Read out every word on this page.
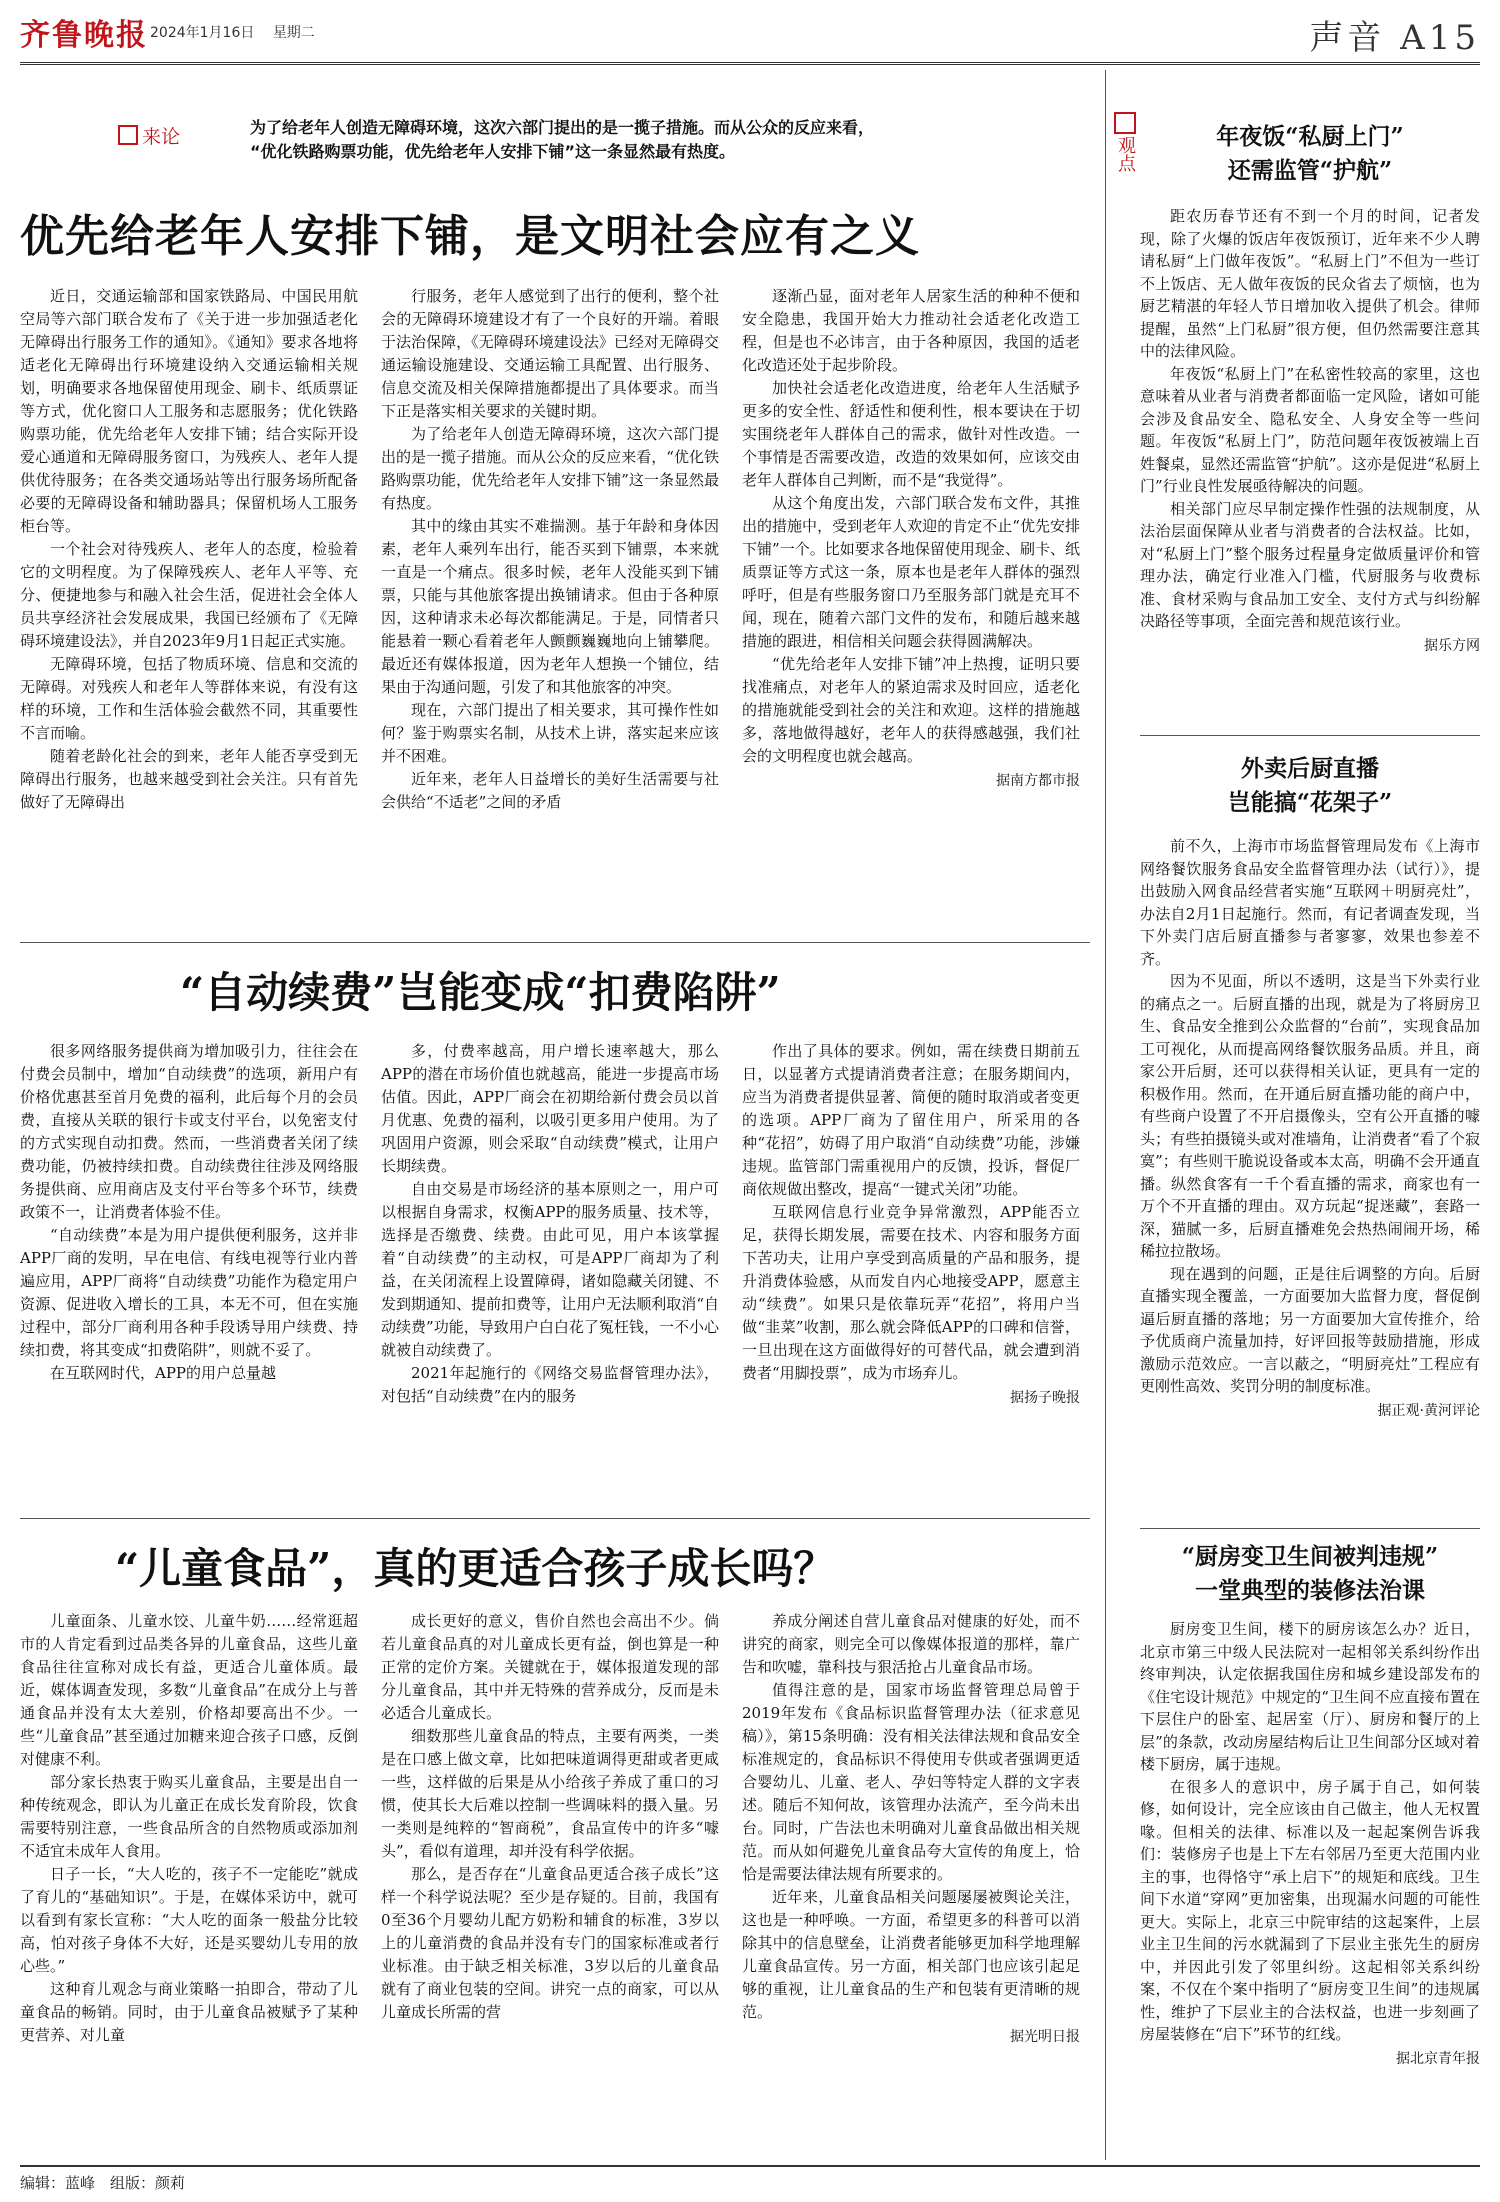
齐鲁晚报 2024年1月16日 星期二	声音 A15
来论	为了给老年人创造无障碍环境，这次六部门提出的是一揽子措施。而从公众的反应来看，
“优化铁路购票功能，优先给老年人安排下铺”这一条显然最有热度。
优先给老年人安排下铺，是文明社会应有之义

近日，交通运输部和国家铁路局、中国民用航空局等六部门联合发布了《关于进一步加强适老化无障碍出行服务工作的通知》。《通知》要求各地将适老化无障碍出行环境建设纳入交通运输相关规划，明确要求各地保留使用现金、刷卡、纸质票证等方式，优化窗口人工服务和志愿服务；优化铁路购票功能，优先给老年人安排下铺；结合实际开设爱心通道和无障碍服务窗口，为残疾人、老年人提供优待服务；在各类交通场站等出行服务场所配备必要的无障碍设备和辅助器具；保留机场人工服务柜台等。

一个社会对待残疾人、老年人的态度，检验着它的文明程度。为了保障残疾人、老年人平等、充分、便捷地参与和融入社会生活，促进社会全体人员共享经济社会发展成果，我国已经颁布了《无障碍环境建设法》，并自2023年9月1日起正式实施。

无障碍环境，包括了物质环境、信息和交流的无障碍。对残疾人和老年人等群体来说，有没有这样的环境，工作和生活体验会截然不同，其重要性不言而喻。

随着老龄化社会的到来，老年人能否享受到无障碍出行服务，也越来越受到社会关注。只有首先做好了无障碍出

行服务，老年人感觉到了出行的便利，整个社会的无障碍环境建设才有了一个良好的开端。着眼于法治保障，《无障碍环境建设法》已经对无障碍交通运输设施建设、交通运输工具配置、出行服务、信息交流及相关保障措施都提出了具体要求。而当下正是落实相关要求的关键时期。

为了给老年人创造无障碍环境，这次六部门提出的是一揽子措施。而从公众的反应来看，“优化铁路购票功能，优先给老年人安排下铺”这一条显然最有热度。

其中的缘由其实不难揣测。基于年龄和身体因素，老年人乘列车出行，能否买到下铺票，本来就一直是一个痛点。很多时候，老年人没能买到下铺票，只能与其他旅客提出换铺请求。但由于各种原因，这种请求未必每次都能满足。于是，同情者只能悬着一颗心看着老年人颤颤巍巍地向上铺攀爬。最近还有媒体报道，因为老年人想换一个铺位，结果由于沟通问题，引发了和其他旅客的冲突。

现在，六部门提出了相关要求，其可操作性如何？鉴于购票实名制，从技术上讲，落实起来应该并不困难。

近年来，老年人日益增长的美好生活需要与社会供给“不适老”之间的矛盾

逐渐凸显，面对老年人居家生活的种种不便和安全隐患，我国开始大力推动社会适老化改造工程，但是也不必讳言，由于各种原因，我国的适老化改造还处于起步阶段。

加快社会适老化改造进度，给老年人生活赋予更多的安全性、舒适性和便利性，根本要诀在于切实围绕老年人群体自己的需求，做针对性改造。一个事情是否需要改造，改造的效果如何，应该交由老年人群体自己判断，而不是“我觉得”。

从这个角度出发，六部门联合发布文件，其推出的措施中，受到老年人欢迎的肯定不止“优先安排下铺”一个。比如要求各地保留使用现金、刷卡、纸质票证等方式这一条，原本也是老年人群体的强烈呼吁，但是有些服务窗口乃至服务部门就是充耳不闻，现在，随着六部门文件的发布，和随后越来越措施的跟进，相信相关问题会获得圆满解决。

“优先给老年人安排下铺”冲上热搜，证明只要找准痛点，对老年人的紧迫需求及时回应，适老化的措施就能受到社会的关注和欢迎。这样的措施越多，落地做得越好，老年人的获得感越强，我们社会的文明程度也就会越高。

据南方都市报
“自动续费”岂能变成“扣费陷阱”

很多网络服务提供商为增加吸引力，往往会在付费会员制中，增加“自动续费”的选项，新用户有价格优惠甚至首月免费的福利，此后每个月的会员费，直接从关联的银行卡或支付平台，以免密支付的方式实现自动扣费。然而，一些消费者关闭了续费功能，仍被持续扣费。自动续费往往涉及网络服务提供商、应用商店及支付平台等多个环节，续费政策不一，让消费者体验不佳。

“自动续费”本是为用户提供便利服务，这并非APP厂商的发明，早在电信、有线电视等行业内普遍应用，APP厂商将“自动续费”功能作为稳定用户资源、促进收入增长的工具，本无不可，但在实施过程中，部分厂商利用各种手段诱导用户续费、持续扣费，将其变成“扣费陷阱”，则就不妥了。

在互联网时代，APP的用户总量越

多，付费率越高，用户增长速率越大，那么APP的潜在市场价值也就越高，能进一步提高市场估值。因此，APP厂商会在初期给新付费会员以首月优惠、免费的福利，以吸引更多用户使用。为了巩固用户资源，则会采取“自动续费”模式，让用户长期续费。

自由交易是市场经济的基本原则之一，用户可以根据自身需求，权衡APP的服务质量、技术等，选择是否缴费、续费。由此可见，用户本该掌握着“自动续费”的主动权，可是APP厂商却为了利益，在关闭流程上设置障碍，诸如隐藏关闭键、不发到期通知、提前扣费等，让用户无法顺利取消“自动续费”功能，导致用户白白花了冤枉钱，一不小心就被自动续费了。

2021年起施行的《网络交易监督管理办法》，对包括“自动续费”在内的服务

作出了具体的要求。例如，需在续费日期前五日，以显著方式提请消费者注意；在服务期间内，应当为消费者提供显著、简便的随时取消或者变更的选项。APP厂商为了留住用户，所采用的各种“花招”，妨碍了用户取消“自动续费”功能，涉嫌违规。监管部门需重视用户的反馈，投诉，督促厂商依规做出整改，提高“一键式关闭”功能。

互联网信息行业竞争异常激烈，APP能否立足，获得长期发展，需要在技术、内容和服务方面下苦功夫，让用户享受到高质量的产品和服务，提升消费体验感，从而发自内心地接受APP，愿意主动“续费”。如果只是依靠玩弄“花招”，将用户当做“韭菜”收割，那么就会降低APP的口碑和信誉，一旦出现在这方面做得好的可替代品，就会遭到消费者“用脚投票”，成为市场弃儿。

据扬子晚报
“儿童食品”，真的更适合孩子成长吗？

儿童面条、儿童水饺、儿童牛奶……经常逛超市的人肯定看到过品类各异的儿童食品，这些儿童食品往往宣称对成长有益，更适合儿童体质。最近，媒体调查发现，多数“儿童食品”在成分上与普通食品并没有太大差别，价格却要高出不少。一些“儿童食品”甚至通过加糖来迎合孩子口感，反倒对健康不利。

部分家长热衷于购买儿童食品，主要是出自一种传统观念，即认为儿童正在成长发育阶段，饮食需要特别注意，一些食品所含的自然物质或添加剂不适宜未成年人食用。

日子一长，“大人吃的，孩子不一定能吃”就成了育儿的“基础知识”。于是，在媒体采访中，就可以看到有家长宣称：“大人吃的面条一般盐分比较高，怕对孩子身体不大好，还是买婴幼儿专用的放心些。”

这种育儿观念与商业策略一拍即合，带动了儿童食品的畅销。同时，由于儿童食品被赋予了某种更营养、对儿童

成长更好的意义，售价自然也会高出不少。倘若儿童食品真的对儿童成长更有益，倒也算是一种正常的定价方案。关键就在于，媒体报道发现的部分儿童食品，其中并无特殊的营养成分，反而是未必适合儿童成长。

细数那些儿童食品的特点，主要有两类，一类是在口感上做文章，比如把味道调得更甜或者更咸一些，这样做的后果是从小给孩子养成了重口的习惯，使其长大后难以控制一些调味料的摄入量。另一类则是纯粹的“智商税”，食品宣传中的许多“噱头”，看似有道理，却并没有科学依据。

那么，是否存在“儿童食品更适合孩子成长”这样一个科学说法呢？至少是存疑的。目前，我国有0至36个月婴幼儿配方奶粉和辅食的标准，3岁以上的儿童消费的食品并没有专门的国家标准或者行业标准。由于缺乏相关标准，3岁以后的儿童食品就有了商业包装的空间。讲究一点的商家，可以从儿童成长所需的营

养成分阐述自营儿童食品对健康的好处，而不讲究的商家，则完全可以像媒体报道的那样，靠广告和吹嘘，靠科技与狠活抢占儿童食品市场。

值得注意的是，国家市场监督管理总局曾于2019年发布《食品标识监督管理办法（征求意见稿）》，第15条明确：没有相关法律法规和食品安全标准规定的，食品标识不得使用专供或者强调更适合婴幼儿、儿童、老人、孕妇等特定人群的文字表述。随后不知何故，该管理办法流产，至今尚未出台。同时，广告法也未明确对儿童食品做出相关规范。而从如何避免儿童食品夸大宣传的角度上，恰恰是需要法律法规有所要求的。

近年来，儿童食品相关问题屡屡被舆论关注，这也是一种呼唤。一方面，希望更多的科普可以消除其中的信息壁垒，让消费者能够更加科学地理解儿童食品宣传。另一方面，相关部门也应该引起足够的重视，让儿童食品的生产和包装有更清晰的规范。

据光明日报
观点	年夜饭“私厨上门”
还需监管“护航”

距农历春节还有不到一个月的时间，记者发现，除了火爆的饭店年夜饭预订，近年来不少人聘请私厨“上门做年夜饭”。“私厨上门”不但为一些订不上饭店、无人做年夜饭的民众省去了烦恼，也为厨艺精湛的年轻人节日增加收入提供了机会。律师提醒，虽然“上门私厨”很方便，但仍然需要注意其中的法律风险。

年夜饭“私厨上门”在私密性较高的家里，这也意味着从业者与消费者都面临一定风险，诸如可能会涉及食品安全、隐私安全、人身安全等一些问题。年夜饭“私厨上门”，防范问题年夜饭被端上百姓餐桌，显然还需监管“护航”。这亦是促进“私厨上门”行业良性发展亟待解决的问题。

相关部门应尽早制定操作性强的法规制度，从法治层面保障从业者与消费者的合法权益。比如，对“私厨上门”整个服务过程量身定做质量评价和管理办法，确定行业准入门槛，代厨服务与收费标准、食材采购与食品加工安全、支付方式与纠纷解决路径等事项，全面完善和规范该行业。

据乐方网
外卖后厨直播
岂能搞“花架子”

前不久，上海市市场监督管理局发布《上海市网络餐饮服务食品安全监督管理办法（试行）》，提出鼓励入网食品经营者实施“互联网＋明厨亮灶”，办法自2月1日起施行。然而，有记者调查发现，当下外卖门店后厨直播参与者寥寥，效果也参差不齐。

因为不见面，所以不透明，这是当下外卖行业的痛点之一。后厨直播的出现，就是为了将厨房卫生、食品安全推到公众监督的“台前”，实现食品加工可视化，从而提高网络餐饮服务品质。并且，商家公开后厨，还可以获得相关认证，更具有一定的积极作用。然而，在开通后厨直播功能的商户中，有些商户设置了不开启摄像头，空有公开直播的噱头；有些拍摄镜头或对准墙角，让消费者“看了个寂寞”；有些则干脆说设备或本太高，明确不会开通直播。纵然食客有一千个看直播的需求，商家也有一万个不开直播的理由。双方玩起“捉迷藏”，套路一深，猫腻一多，后厨直播难免会热热闹闹开场，稀稀拉拉散场。

现在遇到的问题，正是往后调整的方向。后厨直播实现全覆盖，一方面要加大监督力度，督促倒逼后厨直播的落地；另一方面要加大宣传推介，给予优质商户流量加持，好评回报等鼓励措施，形成激励示范效应。一言以蔽之，“明厨亮灶”工程应有更刚性高效、奖罚分明的制度标准。

据正观·黄河评论
“厨房变卫生间被判违规”
一堂典型的装修法治课

厨房变卫生间，楼下的厨房该怎么办？近日，北京市第三中级人民法院对一起相邻关系纠纷作出终审判决，认定依据我国住房和城乡建设部发布的《住宅设计规范》中规定的“卫生间不应直接布置在下层住户的卧室、起居室（厅）、厨房和餐厅的上层”的条款，改动房屋结构后让卫生间部分区域对着楼下厨房，属于违规。

在很多人的意识中，房子属于自己，如何装修，如何设计，完全应该由自己做主，他人无权置喙。但相关的法律、标准以及一起起案例告诉我们：装修房子也是上下左右邻居乃至更大范围内业主的事，也得恪守“承上启下”的规矩和底线。卫生间下水道“穿网”更加密集，出现漏水问题的可能性更大。实际上，北京三中院审结的这起案件，上层业主卫生间的污水就漏到了下层业主张先生的厨房中，并因此引发了邻里纠纷。这起相邻关系纠纷案，不仅在个案中指明了“厨房变卫生间”的违规属性，维护了下层业主的合法权益，也进一步刻画了房屋装修在“启下”环节的红线。

据北京青年报
编辑：蓝峰　组版：颜莉
